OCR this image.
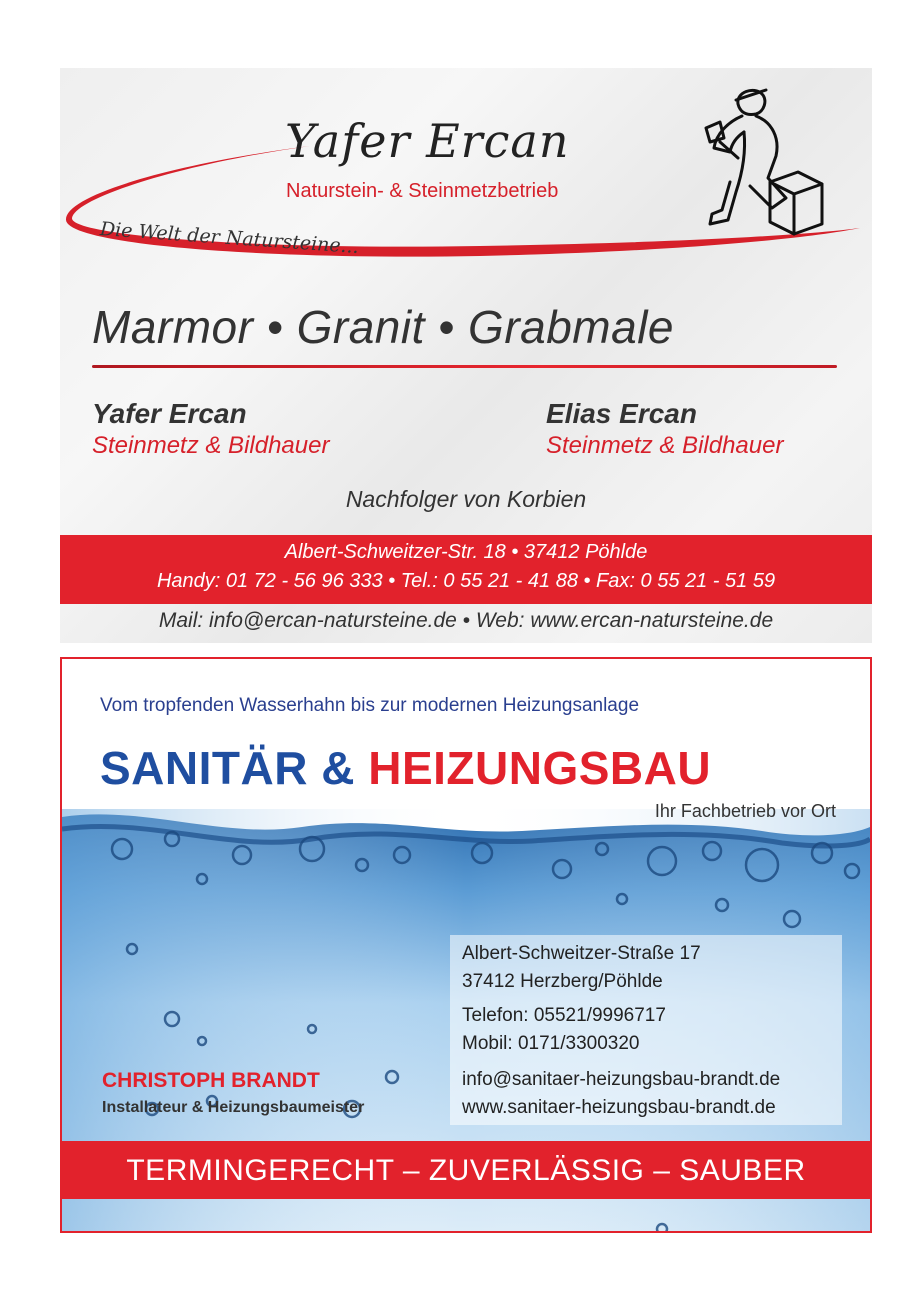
Yafer Ercan
Naturstein- & Steinmetzbetrieb
Die Welt der Natursteine...
Marmor • Granit • Grabmale
Yafer Ercan
Steinmetz & Bildhauer
Elias Ercan
Steinmetz & Bildhauer
Nachfolger von Korbien
Albert-Schweitzer-Str. 18 • 37412 Pöhlde
Handy: 01 72 - 56 96 333 • Tel.: 0 55 21 - 41 88 • Fax: 0 55 21 - 51 59
Mail: info@ercan-natursteine.de • Web: www.ercan-natursteine.de
Vom tropfenden Wasserhahn bis zur modernen Heizungsanlage
SANITÄR & HEIZUNGSBAU
Ihr Fachbetrieb vor Ort
Albert-Schweitzer-Straße 17
37412 Herzberg/Pöhlde
Telefon: 05521/9996717
Mobil: 0171/3300320
info@sanitaer-heizungsbau-brandt.de
www.sanitaer-heizungsbau-brandt.de
CHRISTOPH BRANDT
Installateur & Heizungsbaumeister
TERMINGERECHT – ZUVERLÄSSIG – SAUBER
